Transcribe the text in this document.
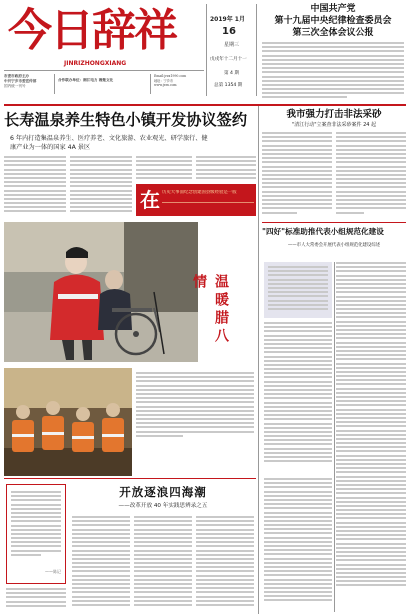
今日辞祥
JINRIZHONGXIANG
市委市政府主办
中共宁乡市委宣传部
国内统一刊号
合作联办单位：湘江电力 湘楚文化
Email:jrzx1990.com
地址：宁乡市
www.jrzx.com
2019年 1月
16
星期三
戊戌年十二月十一
第 4 期
总第 1354 期
中国共产党
第十九届中央纪律检查委员会
第三次全体会议公报
长寿温泉养生特色小镇开发协议签约
6 年内打造集温泉养生、医疗养老、文化旅游、农业观光、研学旅行、健
康产业为一体的国家 4A 景区
在 历史大事面纪念创建国县级经验是一般
我市强力打击非法采砂
"清江行动"立案查非法采砂案件 24 起
温暖腊八情
——陈记
开放逐浪四海潮
——改革开放 40 年实践思辨录之五
"四好"标准助推代表小组规范化建设
——市人大常委会开展代表小组规范化建设综述
